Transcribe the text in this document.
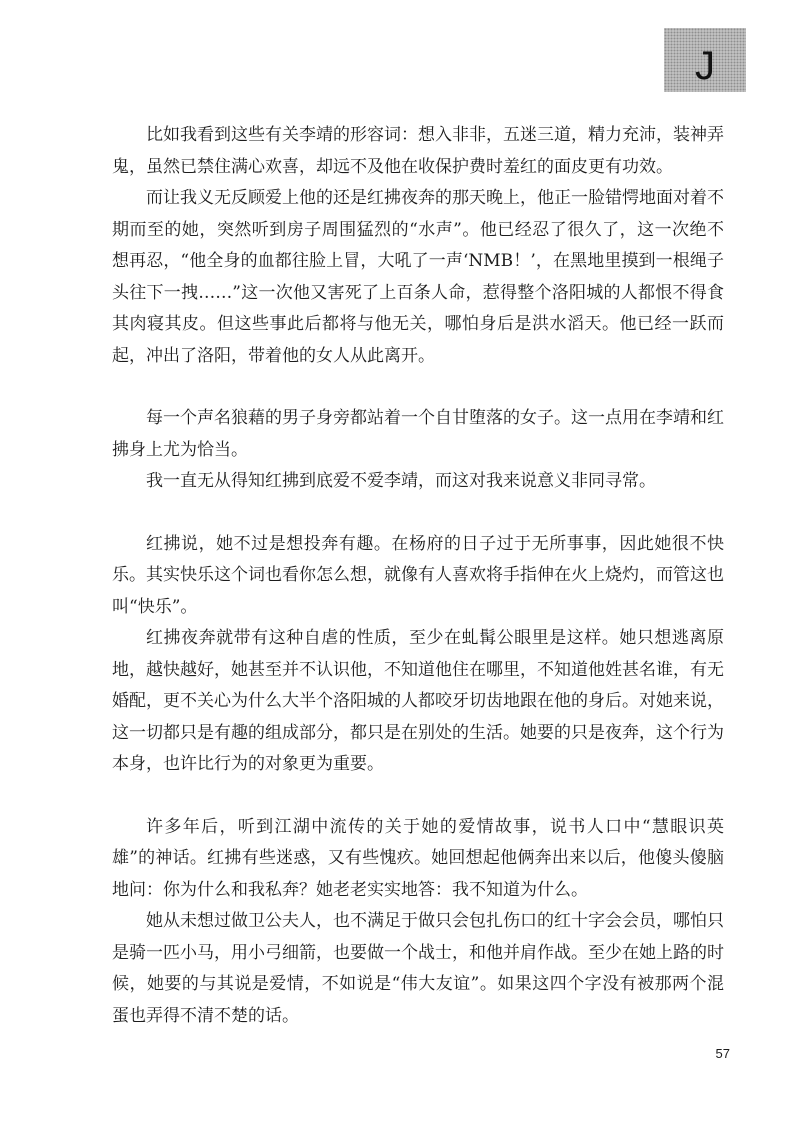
J

比如我看到这些有关李靖的形容词：想入非非，五迷三道，精力充沛，装神弄鬼，虽然已禁住满心欢喜，却远不及他在收保护费时羞红的面皮更有功效。

而让我义无反顾爱上他的还是红拂夜奔的那天晚上，他正一脸错愕地面对着不期而至的她，突然听到房子周围猛烈的“水声”。他已经忍了很久了，这一次绝不想再忍，“他全身的血都往脸上冒，大吼了一声‘NMB！’，在黑地里摸到一根绳子头往下一拽……”这一次他又害死了上百条人命，惹得整个洛阳城的人都恨不得食其肉寝其皮。但这些事此后都将与他无关，哪怕身后是洪水滔天。他已经一跃而起，冲出了洛阳，带着他的女人从此离开。

每一个声名狼藉的男子身旁都站着一个自甘堕落的女子。这一点用在李靖和红拂身上尤为恰当。

我一直无从得知红拂到底爱不爱李靖，而这对我来说意义非同寻常。

红拂说，她不过是想投奔有趣。在杨府的日子过于无所事事，因此她很不快乐。其实快乐这个词也看你怎么想，就像有人喜欢将手指伸在火上烧灼，而管这也叫“快乐”。

红拂夜奔就带有这种自虐的性质，至少在虬髯公眼里是这样。她只想逃离原地，越快越好，她甚至并不认识他，不知道他住在哪里，不知道他姓甚名谁，有无婚配，更不关心为什么大半个洛阳城的人都咬牙切齿地跟在他的身后。对她来说，这一切都只是有趣的组成部分，都只是在别处的生活。她要的只是夜奔，这个行为本身，也许比行为的对象更为重要。

许多年后，听到江湖中流传的关于她的爱情故事，说书人口中“慧眼识英雄”的神话。红拂有些迷惑，又有些愧疚。她回想起他俩奔出来以后，他傻头傻脑地问：你为什么和我私奔？她老老实实地答：我不知道为什么。

她从未想过做卫公夫人，也不满足于做只会包扎伤口的红十字会会员，哪怕只是骑一匹小马，用小弓细箭，也要做一个战士，和他并肩作战。至少在她上路的时候，她要的与其说是爱情，不如说是“伟大友谊”。如果这四个字没有被那两个混蛋也弄得不清不楚的话。

57
